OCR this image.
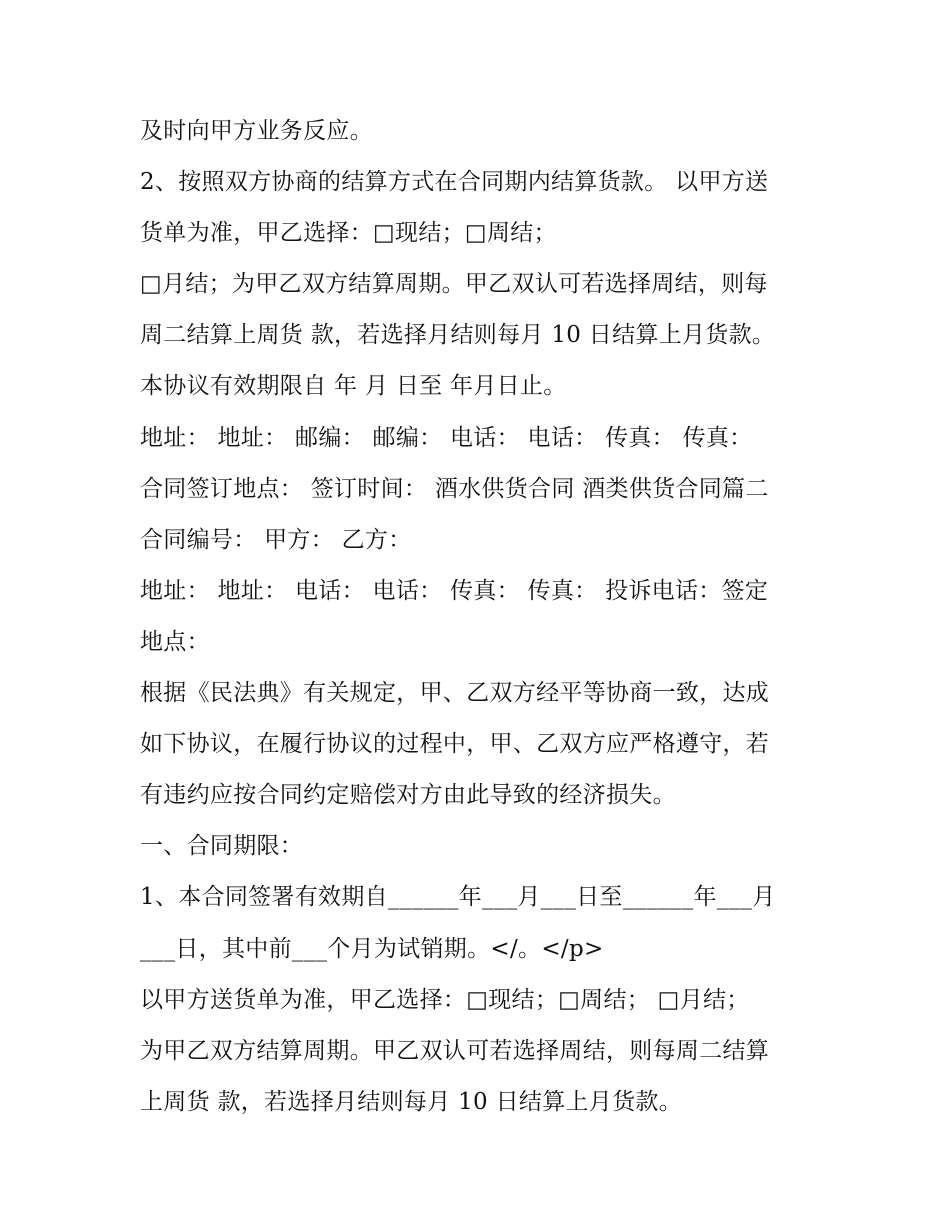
及时向甲方业务反应。
2、按照双方协商的结算方式在合同期内结算货款。 以甲方送
货单为准，甲乙选择：□现结；□周结；
□月结；为甲乙双方结算周期。甲乙双认可若选择周结，则每
周二结算上周货 款，若选择月结则每月 10 日结算上月货款。
本协议有效期限自 年 月 日至 年月日止。
地址： 地址： 邮编： 邮编： 电话： 电话： 传真： 传真：
合同签订地点： 签订时间： 酒水供货合同 酒类供货合同篇二
合同编号： 甲方： 乙方：
地址： 地址： 电话： 电话： 传真： 传真： 投诉电话：签定
地点：
根据《民法典》有关规定，甲、乙双方经平等协商一致，达成
如下协议，在履行协议的过程中，甲、乙双方应严格遵守，若
有违约应按合同约定赔偿对方由此导致的经济损失。
一、合同期限：
1、本合同签署有效期自______年___月___日至______年___月
___日，其中前___个月为试销期。</。</p>
以甲方送货单为准，甲乙选择：□现结；□周结； □月结；
为甲乙双方结算周期。甲乙双认可若选择周结，则每周二结算
上周货 款，若选择月结则每月 10 日结算上月货款。
